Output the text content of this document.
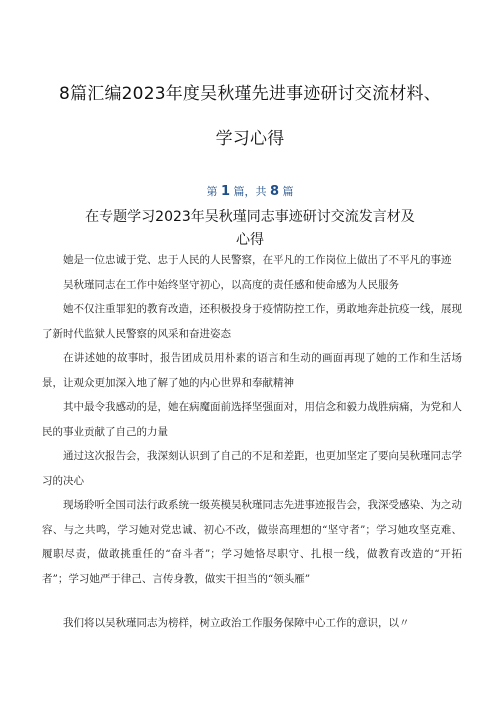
8篇汇编2023年度吴秋瑾先进事迹研讨交流材料、
学习心得
第 1 篇，共 8 篇
在专题学习2023年吴秋瑾同志事迹研讨交流发言材及
心得

她是一位忠诚于党、忠于人民的人民警察，在平凡的工作岗位上做出了不平凡的事迹

吴秋瑾同志在工作中始终坚守初心，以高度的责任感和使命感为人民服务

她不仅注重罪犯的教育改造，还积极投身于疫情防控工作，勇敢地奔赴抗疫一线，展现了新时代监狱人民警察的风采和奋进姿态

在讲述她的故事时，报告团成员用朴素的语言和生动的画面再现了她的工作和生活场景，让观众更加深入地了解了她的内心世界和奉献精神

其中最令我感动的是，她在病魔面前选择坚强面对，用信念和毅力战胜病痛，为党和人民的事业贡献了自己的力量

通过这次报告会，我深刻认识到了自己的不足和差距，也更加坚定了要向吴秋瑾同志学习的决心

现场聆听全国司法行政系统一级英模吴秋瑾同志先进事迹报告会，我深受感染、为之动容、与之共鸣，学习她对党忠诚、初心不改，做崇高理想的“坚守者”；学习她攻坚克难、履职尽责，做敢挑重任的“奋斗者”；学习她恪尽职守、扎根一线，做教育改造的“开拓者”；学习她严于律己、言传身教，做实干担当的“领头雁”

我们将以吴秋瑾同志为榜样，树立政治工作服务保障中心工作的意识，以〃
